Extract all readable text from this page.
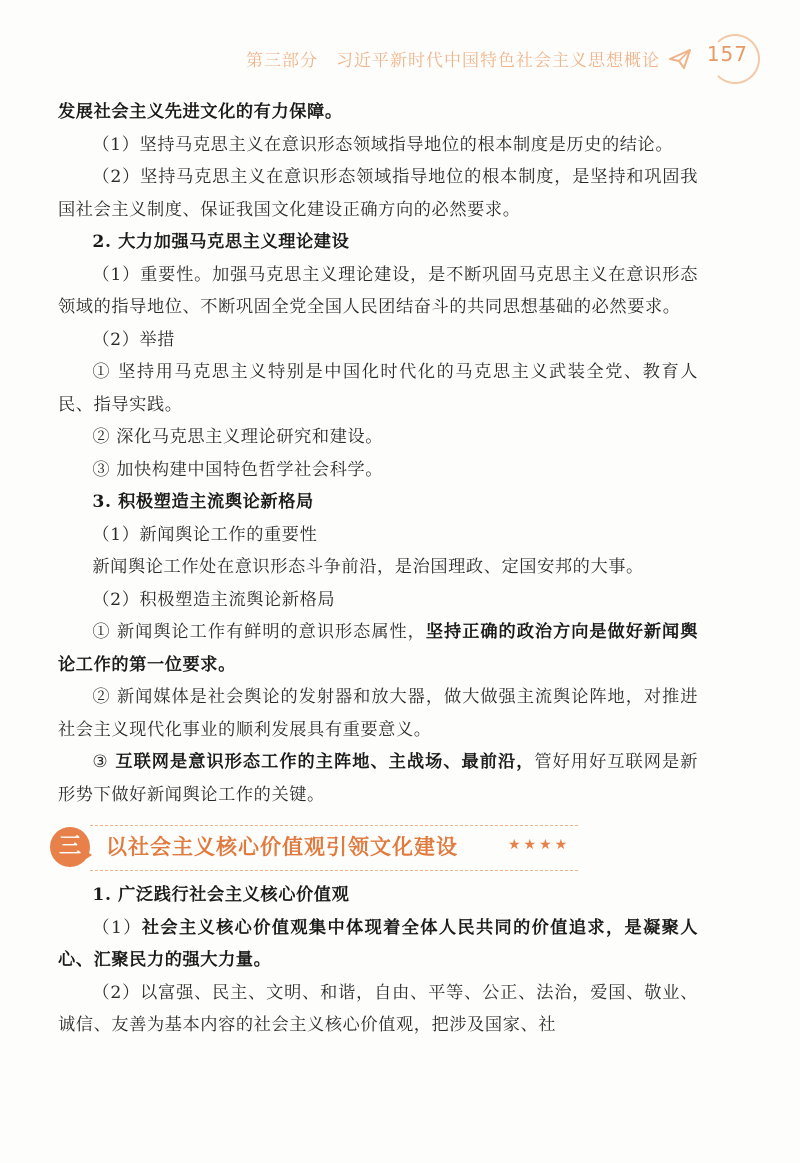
第三部分 习近平新时代中国特色社会主义思想概论 157

发展社会主义先进文化的有力保障。

（1）坚持马克思主义在意识形态领域指导地位的根本制度是历史的结论。

（2）坚持马克思主义在意识形态领域指导地位的根本制度，是坚持和巩固我国社会主义制度、保证我国文化建设正确方向的必然要求。

2. 大力加强马克思主义理论建设

（1）重要性。加强马克思主义理论建设，是不断巩固马克思主义在意识形态领域的指导地位、不断巩固全党全国人民团结奋斗的共同思想基础的必然要求。

（2）举措

① 坚持用马克思主义特别是中国化时代化的马克思主义武装全党、教育人民、指导实践。

② 深化马克思主义理论研究和建设。

③ 加快构建中国特色哲学社会科学。

3. 积极塑造主流舆论新格局

（1）新闻舆论工作的重要性

新闻舆论工作处在意识形态斗争前沿，是治国理政、定国安邦的大事。

（2）积极塑造主流舆论新格局

① 新闻舆论工作有鲜明的意识形态属性，坚持正确的政治方向是做好新闻舆论工作的第一位要求。

② 新闻媒体是社会舆论的发射器和放大器，做大做强主流舆论阵地，对推进社会主义现代化事业的顺利发展具有重要意义。

③ 互联网是意识形态工作的主阵地、主战场、最前沿，管好用好互联网是新形势下做好新闻舆论工作的关键。

三	以社会主义核心价值观引领文化建设	★★★★

1. 广泛践行社会主义核心价值观

（1）社会主义核心价值观集中体现着全体人民共同的价值追求，是凝聚人心、汇聚民力的强大力量。

（2）以富强、民主、文明、和谐，自由、平等、公正、法治，爱国、敬业、诚信、友善为基本内容的社会主义核心价值观，把涉及国家、社
